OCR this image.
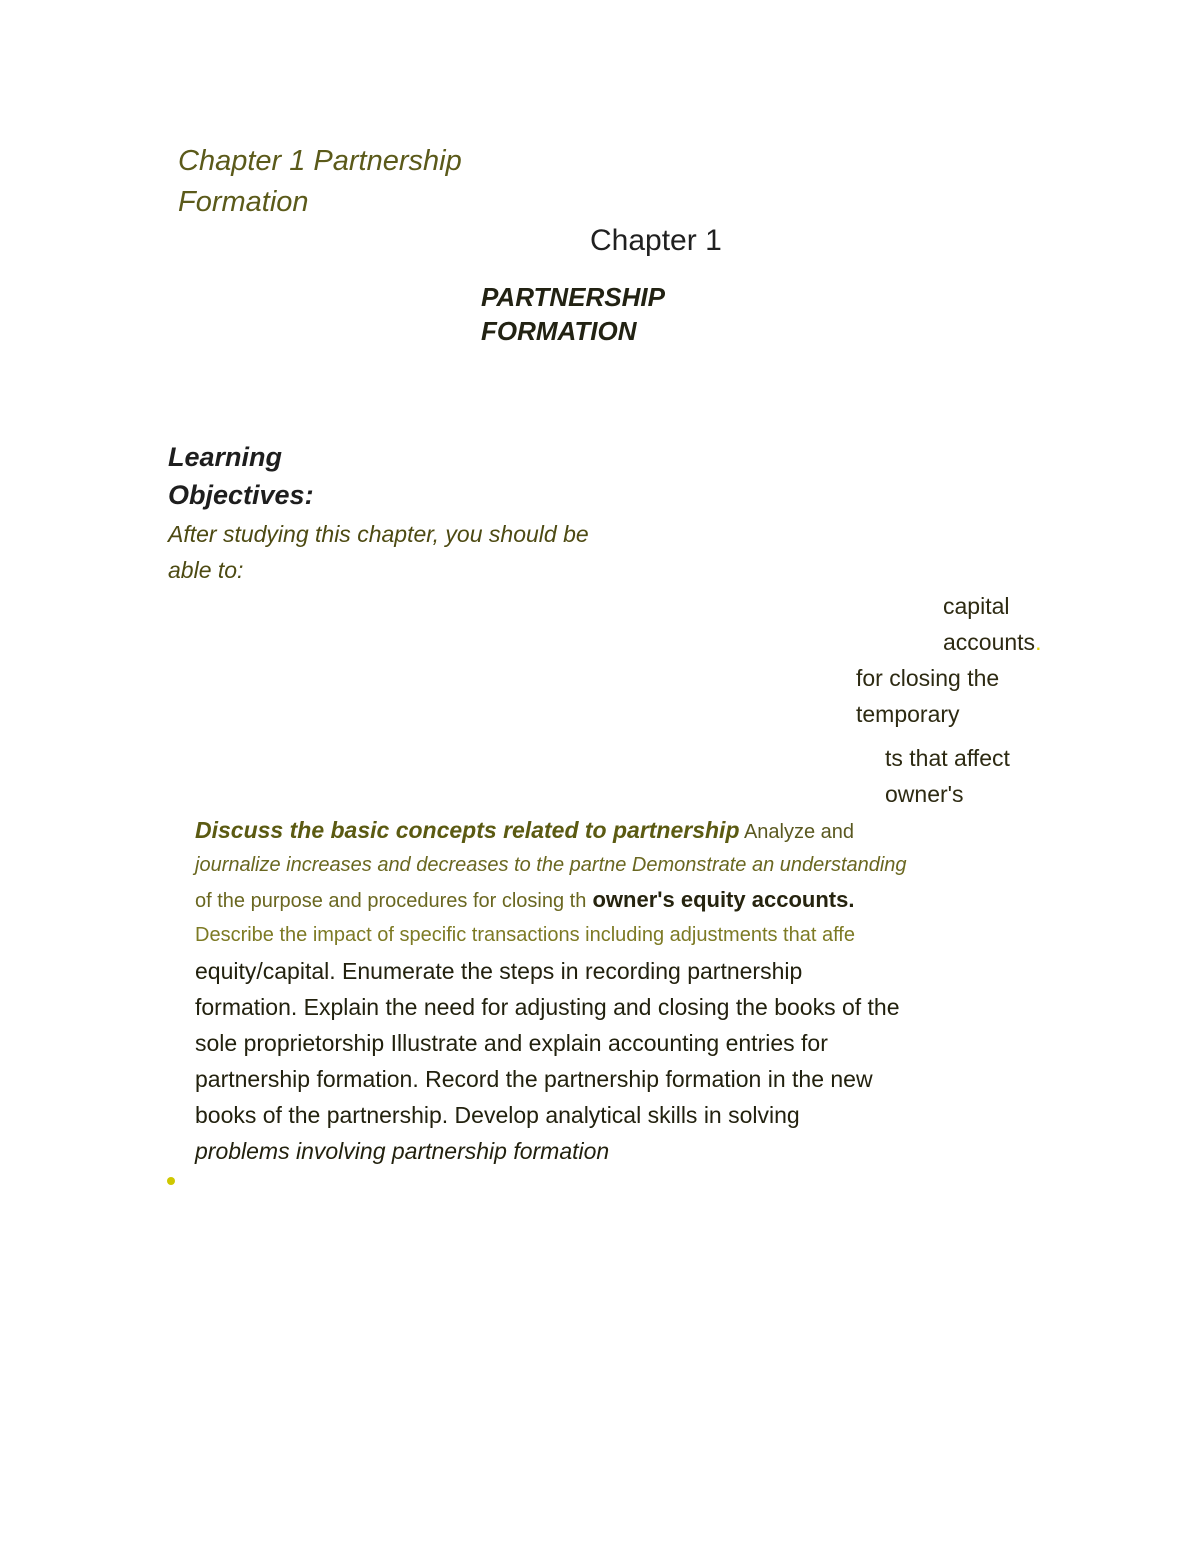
Chapter 1 Partnership
Formation
Chapter 1
PARTNERSHIP
FORMATION
Learning
Objectives:
After studying this chapter, you should be
able to:
capital
accounts.
for closing the
temporary
ts that affect
owner's
Discuss the basic concepts related to partnership Analyze and
journalize increases and decreases to the partne Demonstrate an understanding
of the purpose and procedures for closing th owner's equity accounts.
Describe the impact of specific transactions including adjustments that affe
equity/capital. Enumerate the steps in recording partnership
formation. Explain the need for adjusting and closing the books of the
sole proprietorship Illustrate and explain accounting entries for
partnership formation. Record the partnership formation in the new
books of the partnership. Develop analytical skills in solving
problems involving partnership formation
